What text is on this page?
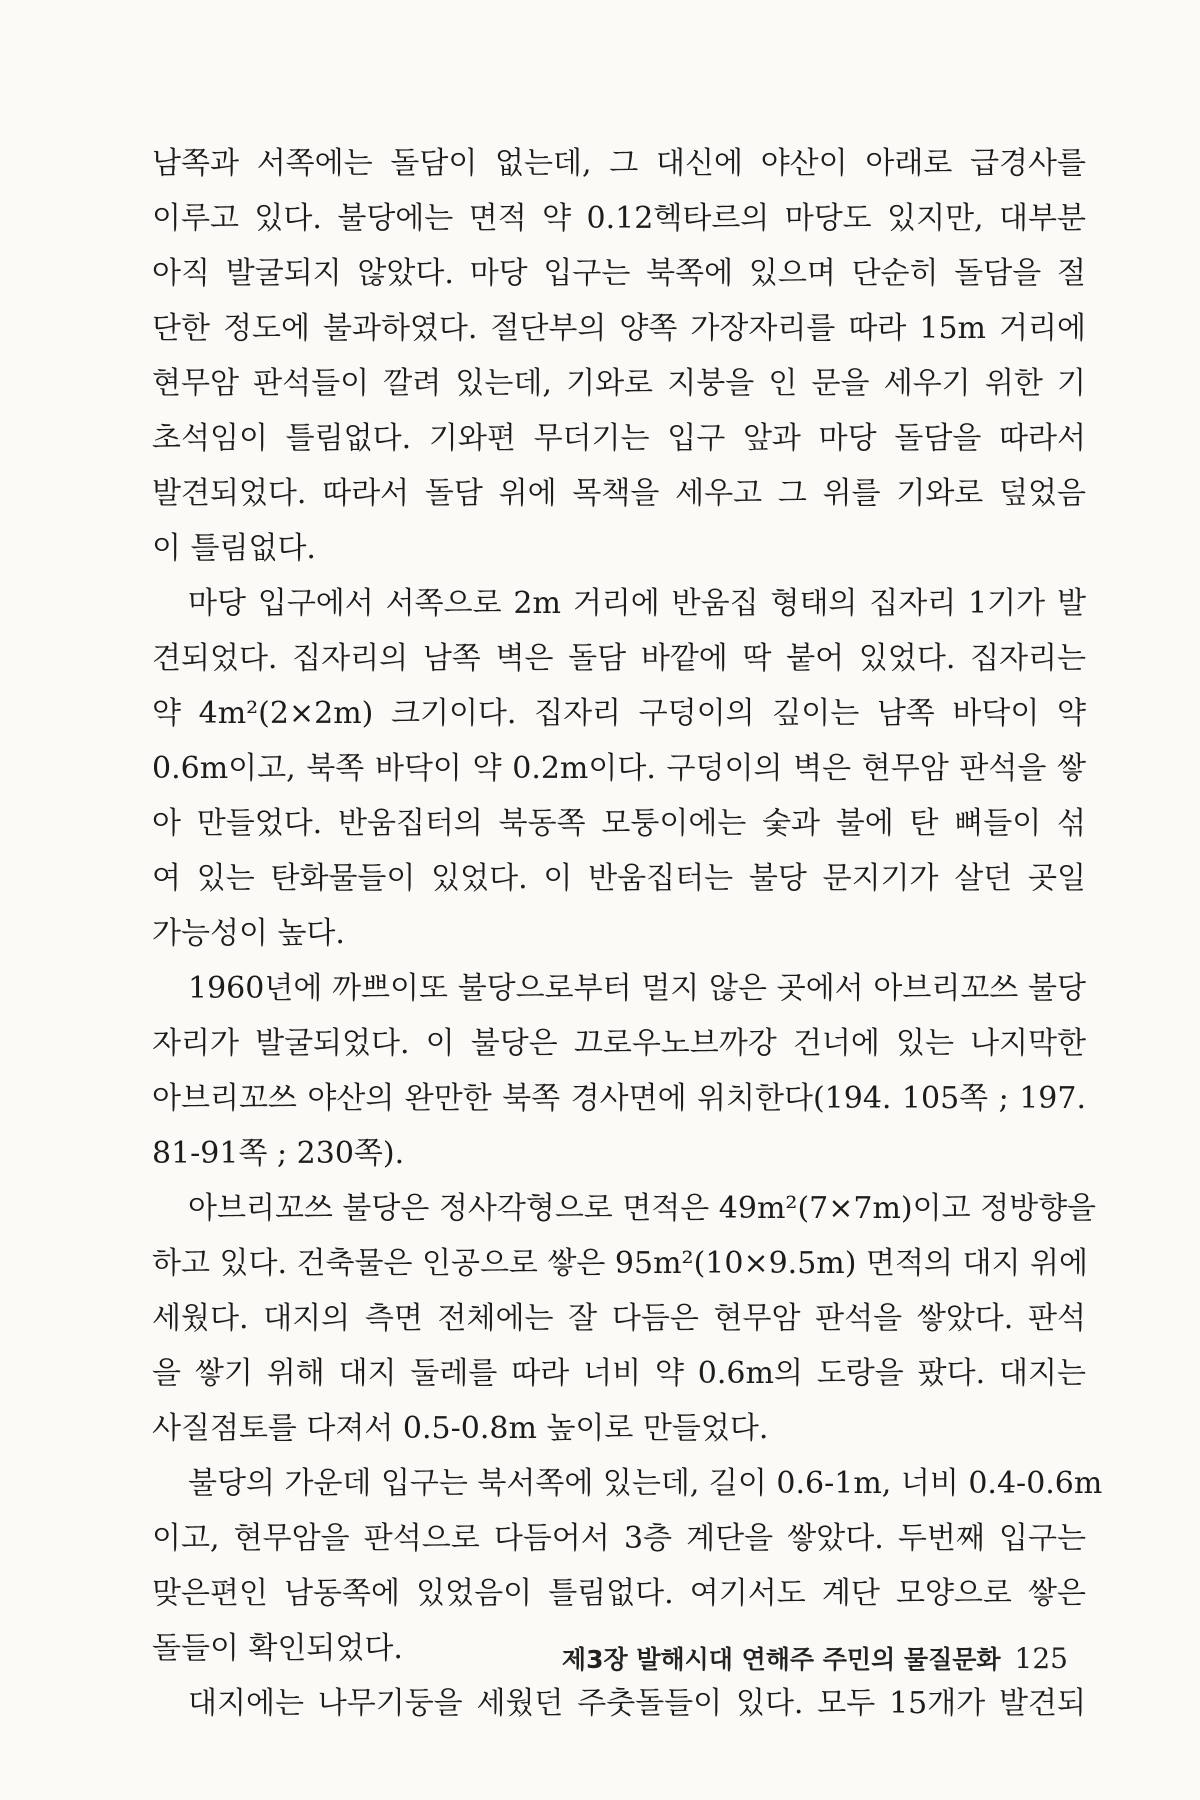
남쪽과 서쪽에는 돌담이 없는데, 그 대신에 야산이 아래로 급경사를
이루고 있다. 불당에는 면적 약 0.12헥타르의 마당도 있지만, 대부분
아직 발굴되지 않았다. 마당 입구는 북쪽에 있으며 단순히 돌담을 절
단한 정도에 불과하였다. 절단부의 양쪽 가장자리를 따라 15m 거리에
현무암 판석들이 깔려 있는데, 기와로 지붕을 인 문을 세우기 위한 기
초석임이 틀림없다. 기와편 무더기는 입구 앞과 마당 돌담을 따라서
발견되었다. 따라서 돌담 위에 목책을 세우고 그 위를 기와로 덮었음
이 틀림없다.
마당 입구에서 서쪽으로 2m 거리에 반움집 형태의 집자리 1기가 발
견되었다. 집자리의 남쪽 벽은 돌담 바깥에 딱 붙어 있었다. 집자리는
약 4m²(2×2m) 크기이다. 집자리 구덩이의 깊이는 남쪽 바닥이 약
0.6m이고, 북쪽 바닥이 약 0.2m이다. 구덩이의 벽은 현무암 판석을 쌓
아 만들었다. 반움집터의 북동쪽 모퉁이에는 숯과 불에 탄 뼈들이 섞
여 있는 탄화물들이 있었다. 이 반움집터는 불당 문지기가 살던 곳일
가능성이 높다.
1960년에 까쁘이또 불당으로부터 멀지 않은 곳에서 아브리꼬쓰 불당
자리가 발굴되었다. 이 불당은 끄로우노브까강 건너에 있는 나지막한
아브리꼬쓰 야산의 완만한 북쪽 경사면에 위치한다(194. 105쪽 ; 197.
81-91쪽 ; 230쪽).
아브리꼬쓰 불당은 정사각형으로 면적은 49m²(7×7m)이고 정방향을
하고 있다. 건축물은 인공으로 쌓은 95m²(10×9.5m) 면적의 대지 위에
세웠다. 대지의 측면 전체에는 잘 다듬은 현무암 판석을 쌓았다. 판석
을 쌓기 위해 대지 둘레를 따라 너비 약 0.6m의 도랑을 팠다. 대지는
사질점토를 다져서 0.5-0.8m 높이로 만들었다.
불당의 가운데 입구는 북서쪽에 있는데, 길이 0.6-1m, 너비 0.4-0.6m
이고, 현무암을 판석으로 다듬어서 3층 계단을 쌓았다. 두번째 입구는
맞은편인 남동쪽에 있었음이 틀림없다. 여기서도 계단 모양으로 쌓은
돌들이 확인되었다.
대지에는 나무기둥을 세웠던 주춧돌들이 있다. 모두 15개가 발견되
제3장 발해시대 연해주 주민의 물질문화 125
